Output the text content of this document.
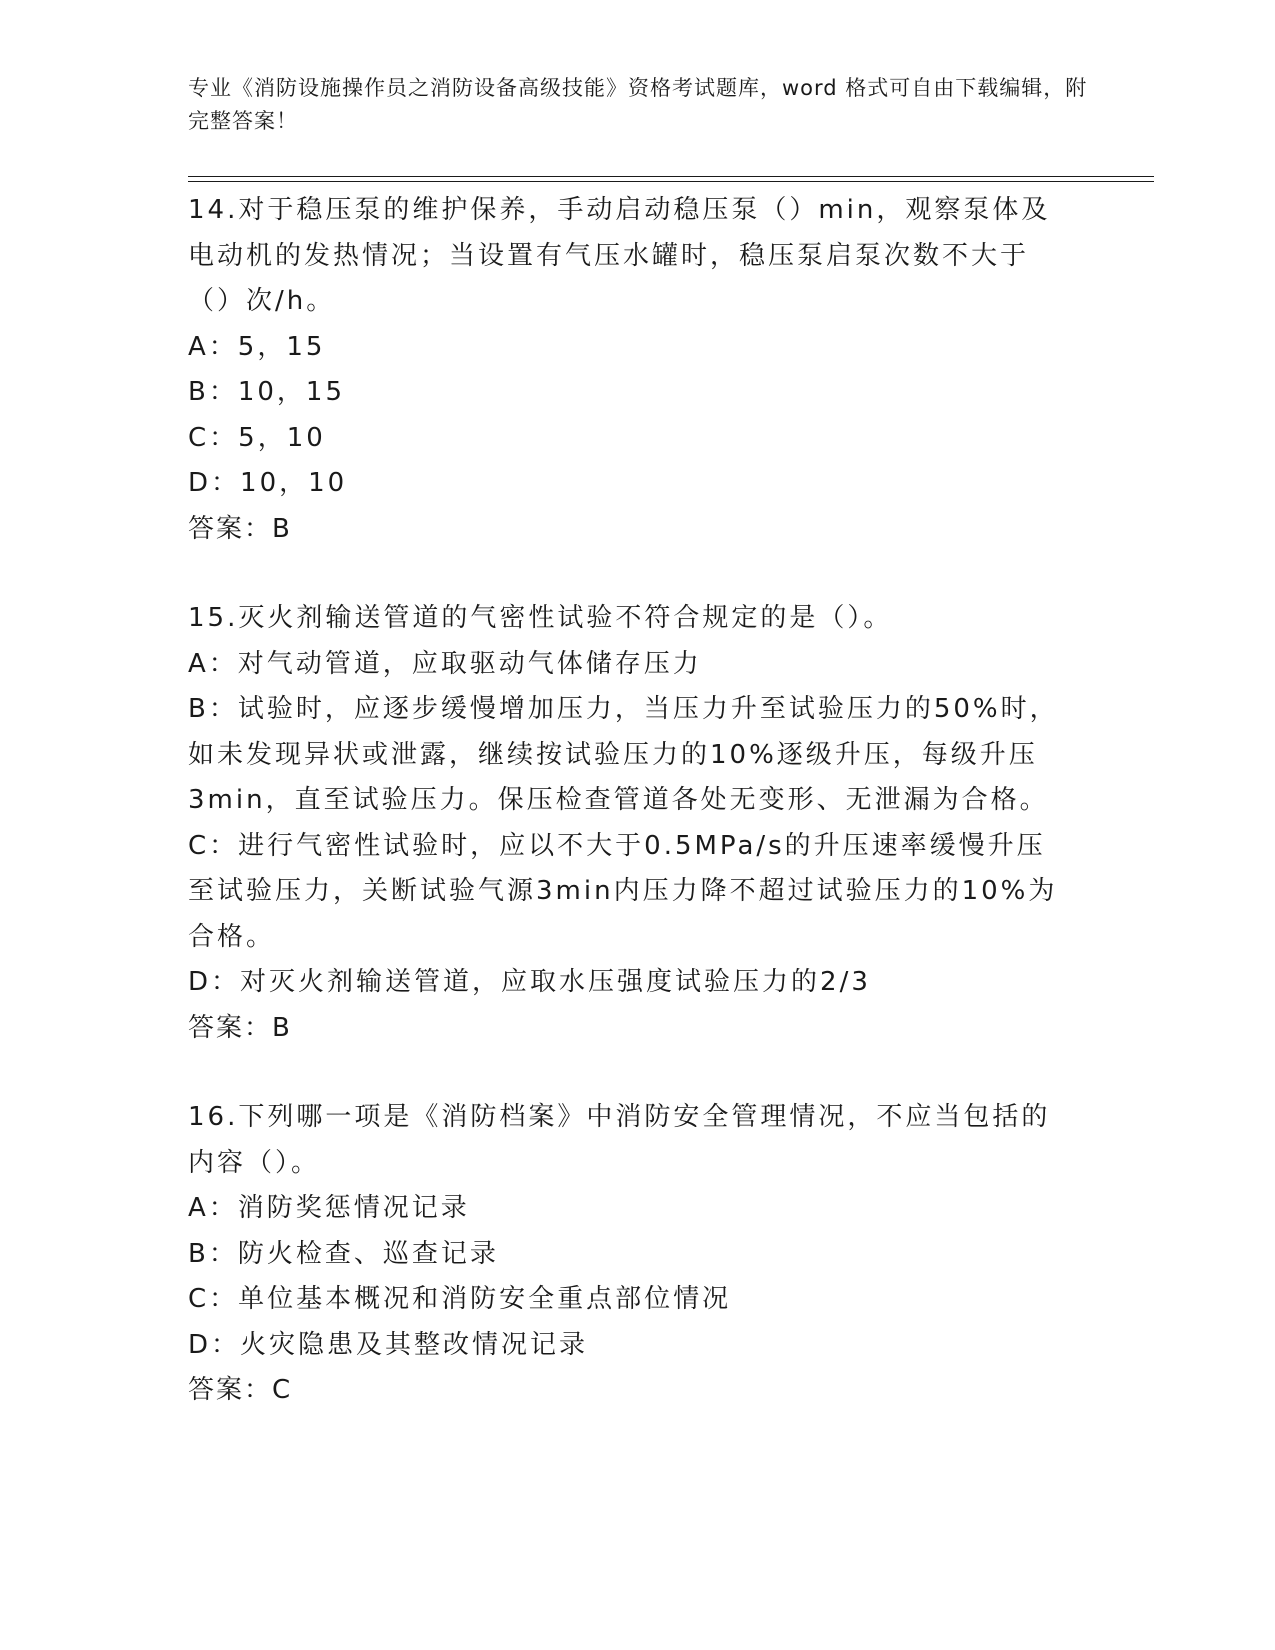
专业《消防设施操作员之消防设备高级技能》资格考试题库，word 格式可自由下载编辑，附完整答案！

14.对于稳压泵的维护保养，手动启动稳压泵（）min，观察泵体及电动机的发热情况；当设置有气压水罐时，稳压泵启泵次数不大于（）次/h。

A：5，15

B：10，15

C：5，10

D：10，10

答案：B

15.灭火剂输送管道的气密性试验不符合规定的是（）。

A：对气动管道，应取驱动气体储存压力

B：试验时，应逐步缓慢增加压力，当压力升至试验压力的50%时，如未发现异状或泄露，继续按试验压力的10%逐级升压，每级升压3min，直至试验压力。保压检查管道各处无变形、无泄漏为合格。

C：进行气密性试验时，应以不大于0.5MPa/s的升压速率缓慢升压至试验压力，关断试验气源3min内压力降不超过试验压力的10%为合格。

D：对灭火剂输送管道，应取水压强度试验压力的2/3

答案：B

16.下列哪一项是《消防档案》中消防安全管理情况，不应当包括的内容（）。

A：消防奖惩情况记录

B：防火检查、巡查记录

C：单位基本概况和消防安全重点部位情况

D：火灾隐患及其整改情况记录

答案：C
